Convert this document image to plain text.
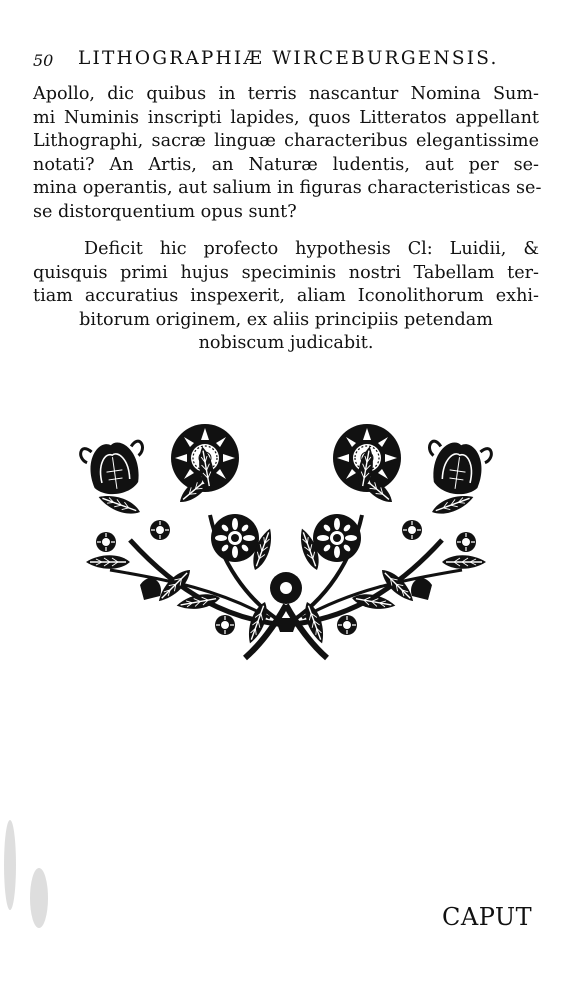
50 LITHOGRAPHIÆ WIRCEBURGENSIS.
Apollo, dic quibus in terris nascantur Nomina Sum-
mi Numinis inscripti lapides, quos Litteratos appellant
Lithographi, sacræ linguæ characteribus elegantissime
notati? An Artis, an Naturæ ludentis, aut per se-
mina operantis, aut salium in figuras characteristicas se-
se distorquentium opus sunt?
Deficit hic profecto hypothesis Cl: Luidii, &
quisquis primi hujus speciminis nostri Tabellam ter-
tiam accuratius inspexerit, aliam Iconolithorum exhi-
bitorum originem, ex aliis principiis petendam
nobiscum judicabit.
CAPUT
